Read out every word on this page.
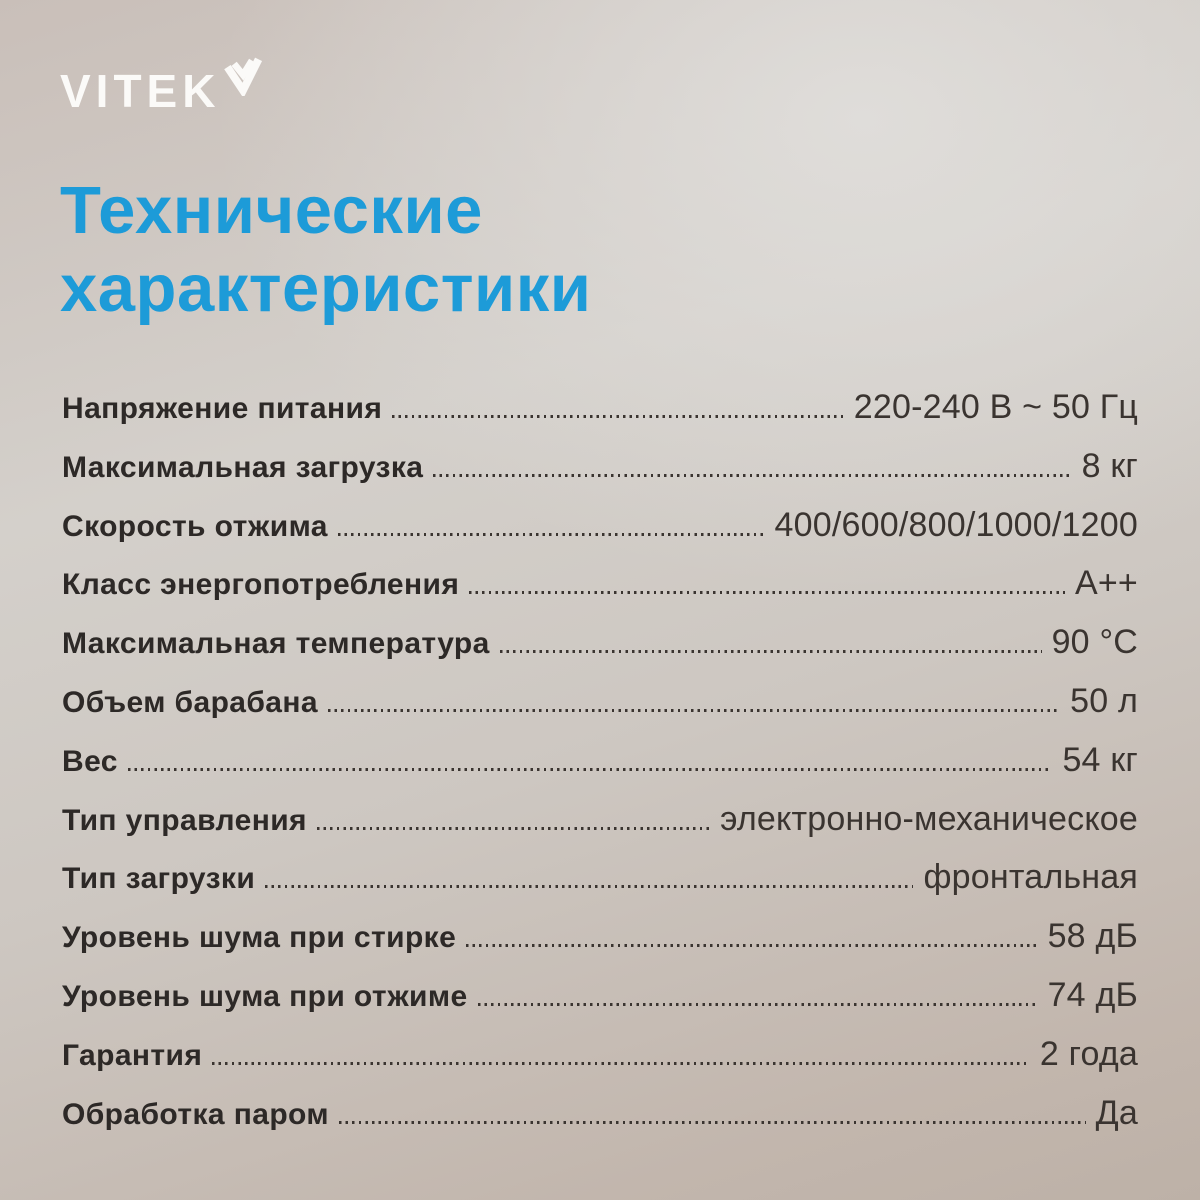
VITEK
Технические
характеристики
Напряжение питания	220-240 В ~ 50 Гц
Максимальная загрузка	8 кг
Скорость отжима	400/600/800/1000/1200
Класс энергопотребления	А++
Максимальная температура	90 °С
Объем барабана	50 л
Вес	54 кг
Тип управления	электронно-механическое
Тип загрузки	фронтальная
Уровень шума при стирке	58 дБ
Уровень шума при отжиме	74 дБ
Гарантия	2 года
Обработка паром	Да
